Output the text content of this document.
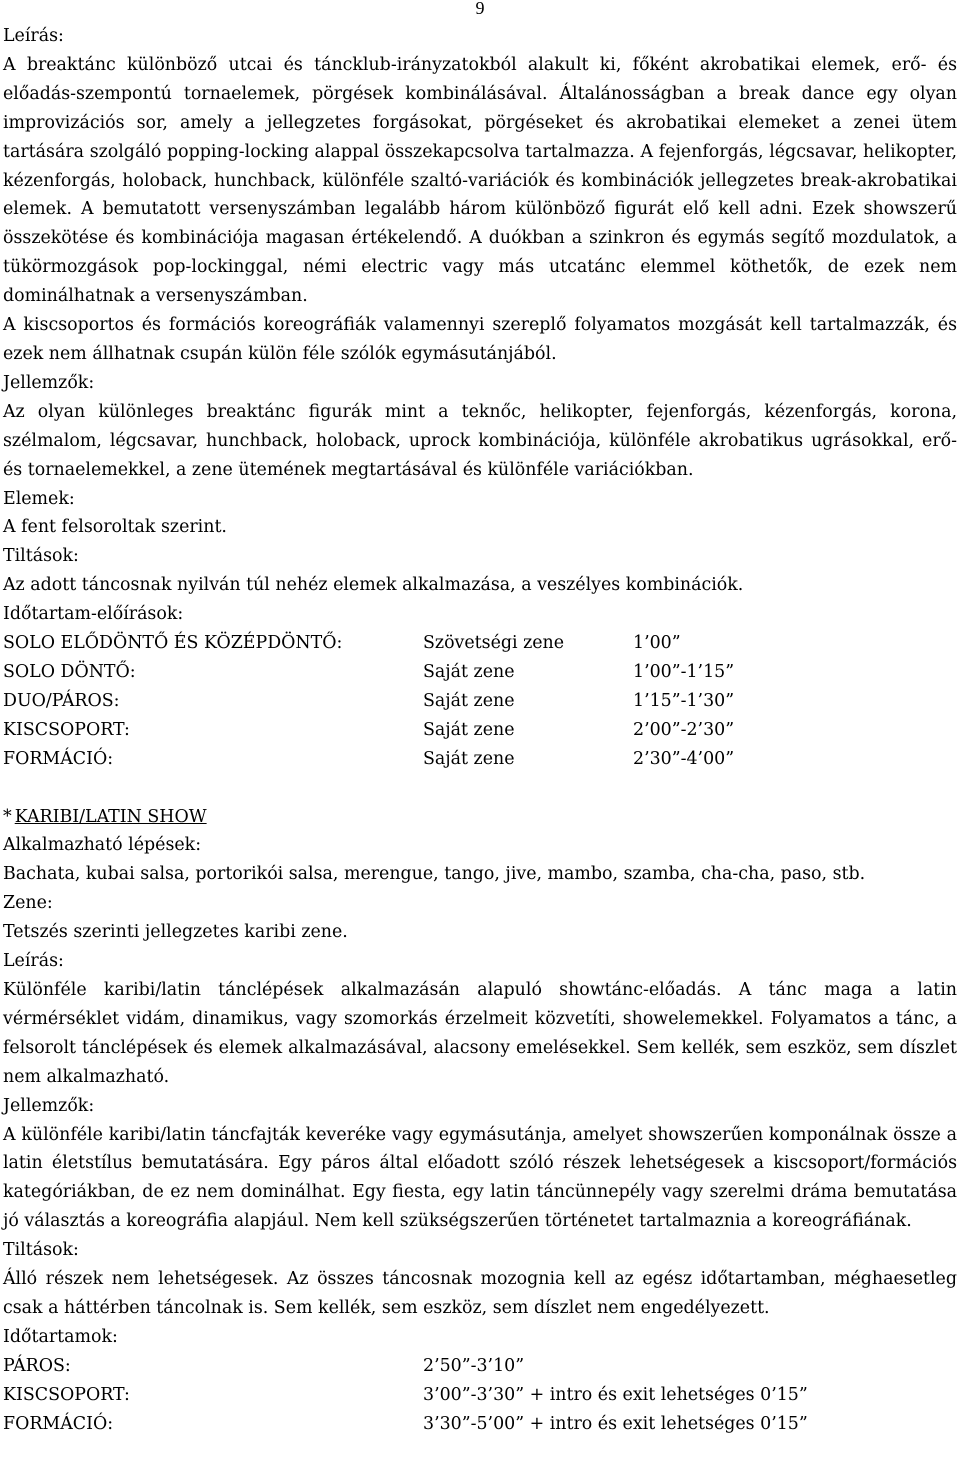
9
Leírás:

A breaktánc különböző utcai és táncklub-irányzatokból alakult ki, főként akrobatikai elemek, erő- és előadás-szempontú tornaelemek, pörgések kombinálásával. Általánosságban a break dance egy olyan improvizációs sor, amely a jellegzetes forgásokat, pörgéseket és akrobatikai elemeket a zenei ütem tartására szolgáló popping-locking alappal összekapcsolva tartalmazza. A fejenforgás, légcsavar, helikopter, kézenforgás, holoback, hunchback, különféle szaltó-variációk és kombinációk jellegzetes break-akrobatikai elemek. A bemutatott versenyszámban legalább három különböző figurát elő kell adni. Ezek showszerű összekötése és kombinációja magasan értékelendő. A duókban a szinkron és egymás segítő mozdulatok, a tükörmozgások pop-lockinggal, némi electric vagy más utcatánc elemmel köthetők, de ezek nem dominálhatnak a versenyszámban.

A kiscsoportos és formációs koreográfiák valamennyi szereplő folyamatos mozgását kell tartalmazzák, és ezek nem állhatnak csupán külön féle szólók egymásutánjából.

Jellemzők:

Az olyan különleges breaktánc figurák mint a teknőc, helikopter, fejenforgás, kézenforgás, korona, szélmalom, légcsavar, hunchback, holoback, uprock kombinációja, különféle akrobatikus ugrásokkal, erő- és tornaelemekkel, a zene ütemének megtartásával és különféle variációkban.

Elemek:

A fent felsoroltak szerint.

Tiltások:

Az adott táncosnak nyilván túl nehéz elemek alkalmazása, a veszélyes kombinációk.

Időtartam-előírások:
SOLO ELŐDÖNTŐ ÉS KÖZÉPDÖNTŐ:	Szövetségi zene	1’00”
SOLO DÖNTŐ:	Saját zene	1’00”-1’15”
DUO/PÁROS:	Saját zene	1’15”-1’30”
KISCSOPORT:	Saját zene	2’00”-2’30”
FORMÁCIÓ:	Saját zene	2’30”-4’00”
* KARIBI/LATIN SHOW
Alkalmazható lépések:

Bachata, kubai salsa, portorikói salsa, merengue, tango, jive, mambo, szamba, cha-cha, paso, stb.

Zene:

Tetszés szerinti jellegzetes karibi zene.

Leírás:

Különféle karibi/latin tánclépések alkalmazásán alapuló showtánc-előadás. A tánc maga a latin vérmérséklet vidám, dinamikus, vagy szomorkás érzelmeit közvetíti, showelemekkel. Folyamatos a tánc, a felsorolt tánclépések és elemek alkalmazásával, alacsony emelésekkel. Sem kellék, sem eszköz, sem díszlet nem alkalmazható.

Jellemzők:

A különféle karibi/latin táncfajták keveréke vagy egymásutánja, amelyet showszerűen komponálnak össze a latin életstílus bemutatására. Egy páros által előadott szóló részek lehetségesek a kiscsoport/formációs kategóriákban, de ez nem dominálhat. Egy fiesta, egy latin táncünnepély vagy szerelmi dráma bemutatása jó választás a koreográfia alapjául. Nem kell szükségszerűen történetet tartalmaznia a koreográfiának.

Tiltások:

Álló részek nem lehetségesek. Az összes táncosnak mozognia kell az egész időtartamban, méghaesetleg csak a háttérben táncolnak is. Sem kellék, sem eszköz, sem díszlet nem engedélyezett.

Időtartamok:
PÁROS:	2’50”-3’10”
KISCSOPORT:	3’00”-3’30” + intro és exit lehetséges 0’15”
FORMÁCIÓ:	3’30”-5’00” + intro és exit lehetséges 0’15”
